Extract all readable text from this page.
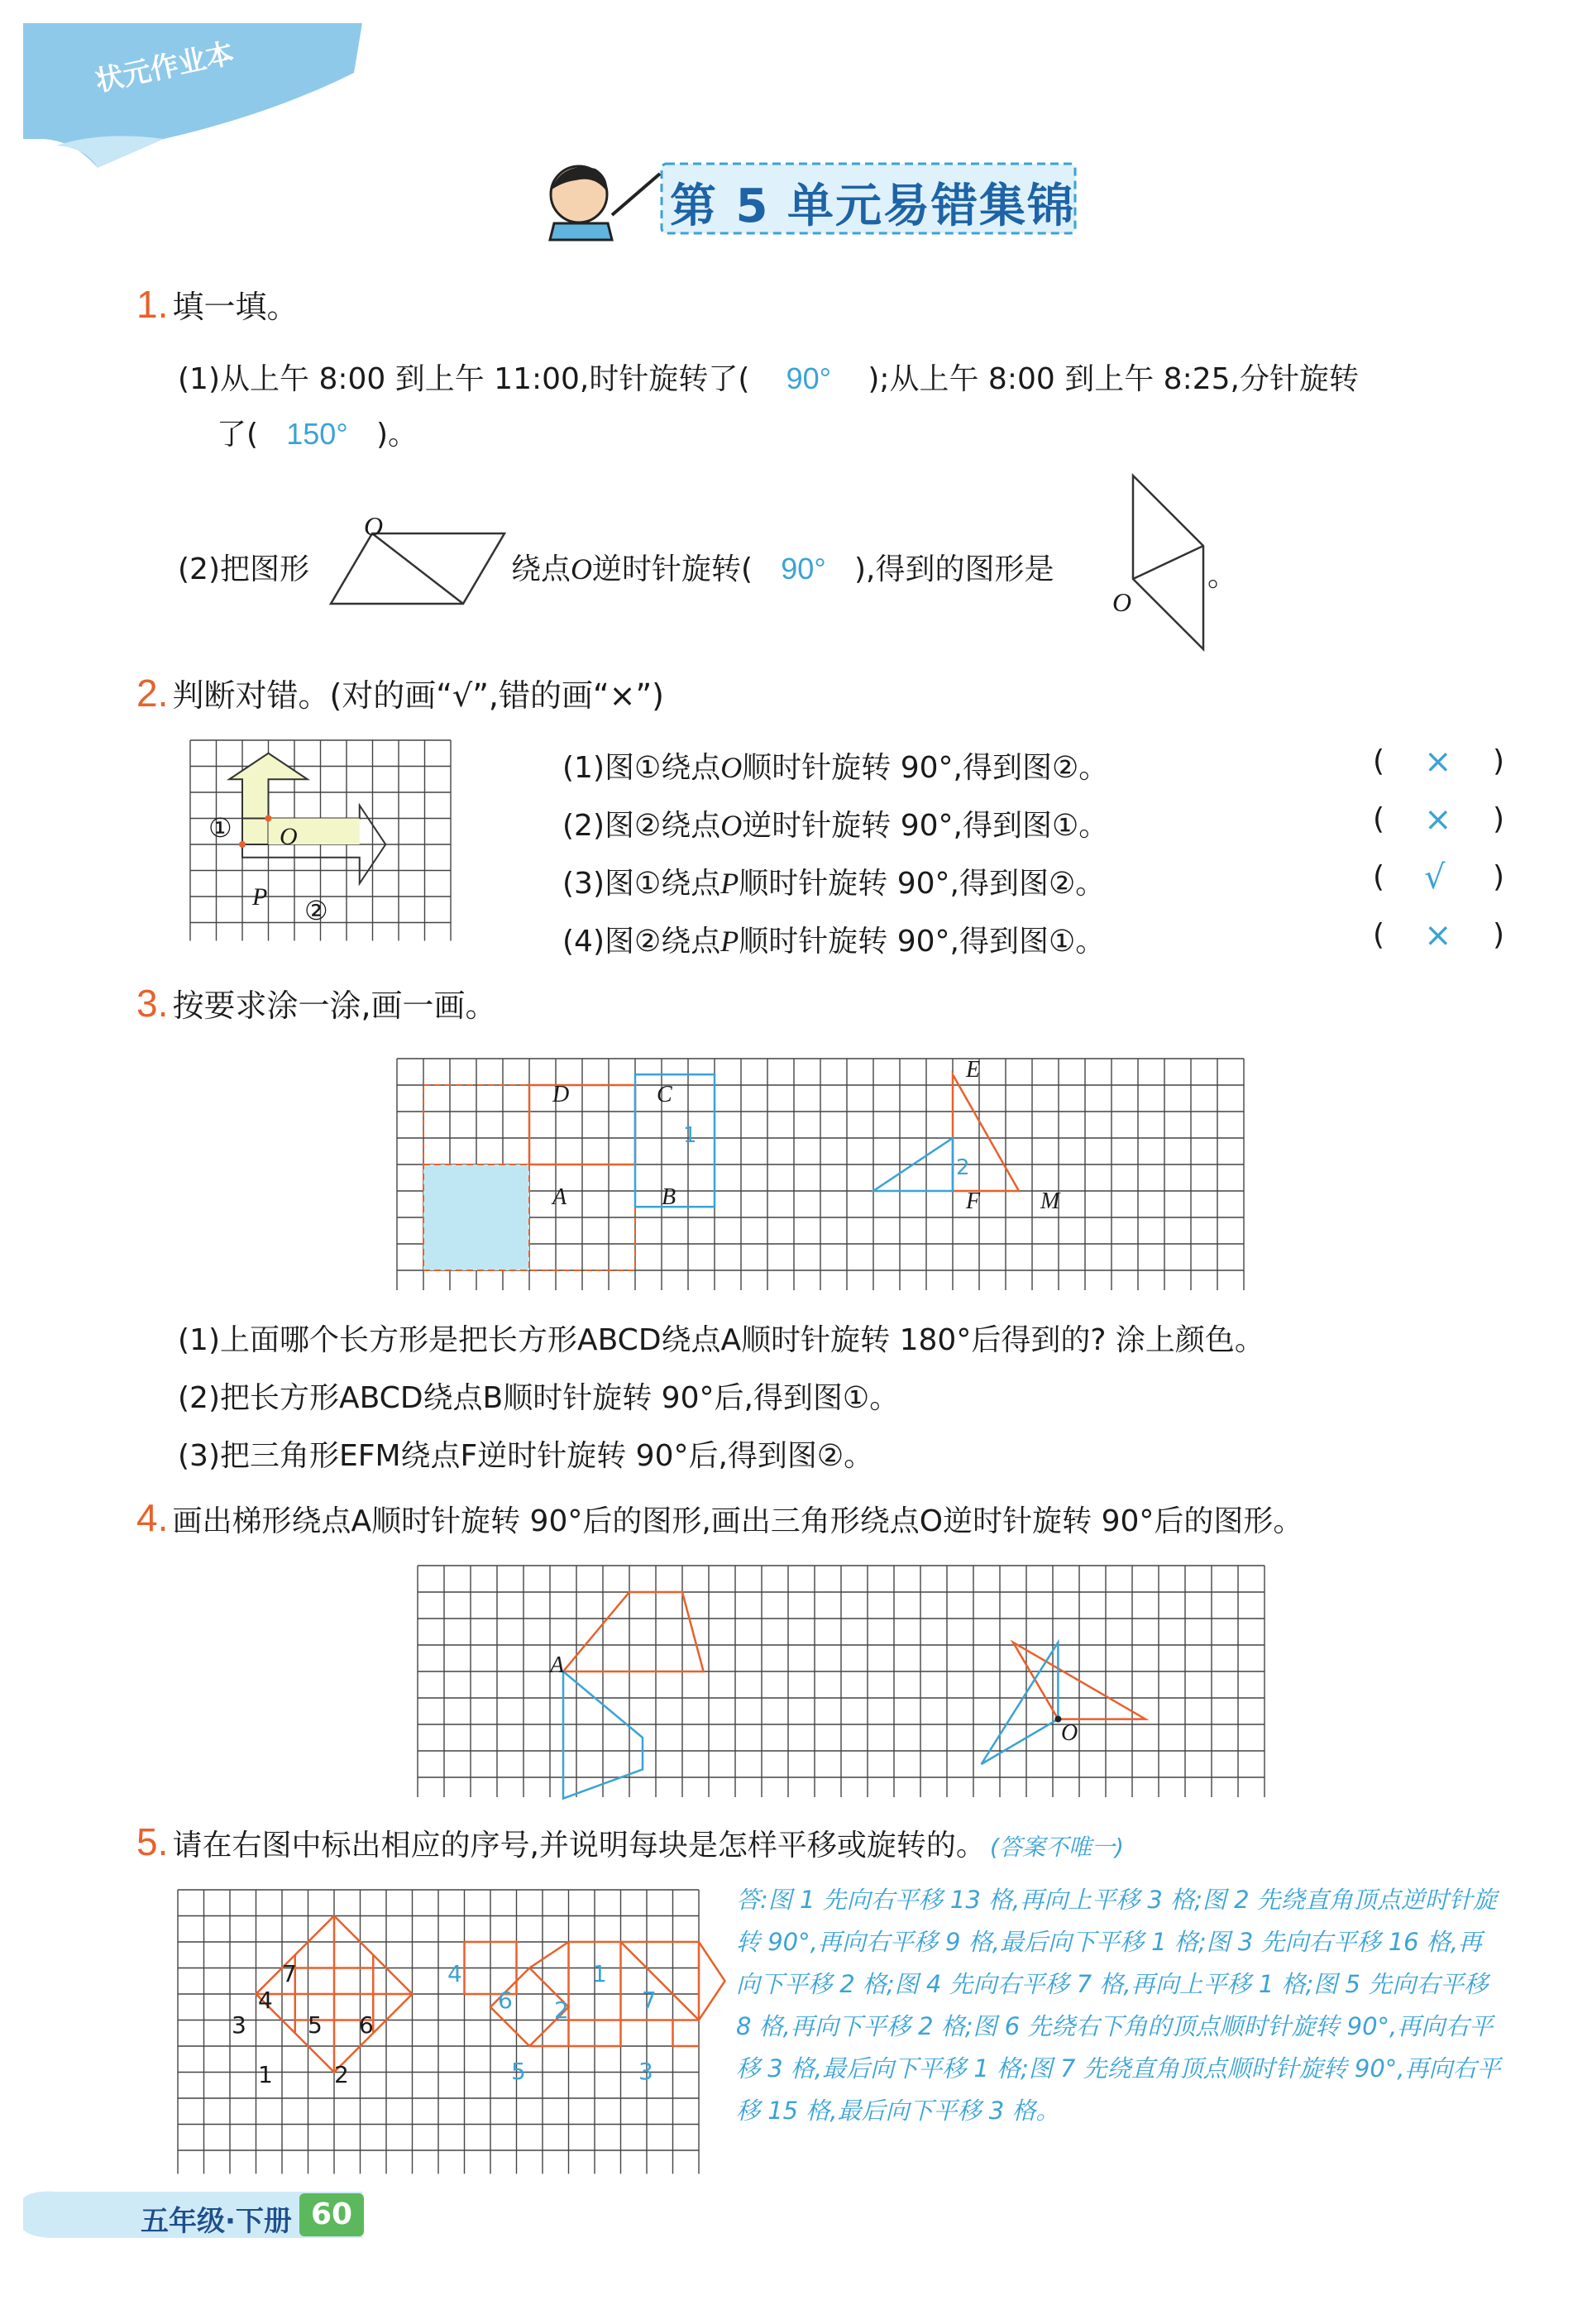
状元作业本
第 5 单元易错集锦
1. 填一填。
(1)从上午 8:00 到上午 11:00,时针旋转了( 90° );从上午 8:00 到上午 8:25,分针旋转
了( 150° )。
(2)把图形
O
绕点O逆时针旋转( 90° ),得到的图形是
O
。
2. 判断对错。(对的画“√”,错的画“×”)
① O
P ②
(1)图①绕点O顺时针旋转 90°,得到图②。
(2)图②绕点O逆时针旋转 90°,得到图①。
(3)图①绕点P顺时针旋转 90°,得到图②。
(4)图②绕点P顺时针旋转 90°,得到图①。
( × )
( × )
( √ )
( × )
3. 按要求涂一涂,画一画。
D	C
A	B
1
E
F	M
2
(1)上面哪个长方形是把长方形ABCD绕点A顺时针旋转 180°后得到的? 涂上颜色。
(2)把长方形ABCD绕点B顺时针旋转 90°后,得到图①。
(3)把三角形EFM绕点F逆时针旋转 90°后,得到图②。
4. 画出梯形绕点A顺时针旋转 90°后的图形,画出三角形绕点O逆时针旋转 90°后的图形。
A
O
5. 请在右图中标出相应的序号,并说明每块是怎样平移或旋转的。 (答案不唯一)
7
4
3	5 6
1	2
4
6
1
2	7
5	3
答:图 1 先向右平移 13 格,再向上平移 3 格;图 2 先绕直角顶点逆时针旋转 90°,再向右平移 9 格,最后向下平移 1 格;图 3 先向右平移 16 格,再向下平移 2 格;图 4 先向右平移 7 格,再向上平移 1 格;图 5 先向右平移 8 格,再向下平移 2 格;图 6 先绕右下角的顶点顺时针旋转 90°,再向右平移 3 格,最后向下平移 1 格;图 7 先绕直角顶点顺时针旋转 90°,再向右平移 15 格,最后向下平移 3 格。
五年级·下册 60
